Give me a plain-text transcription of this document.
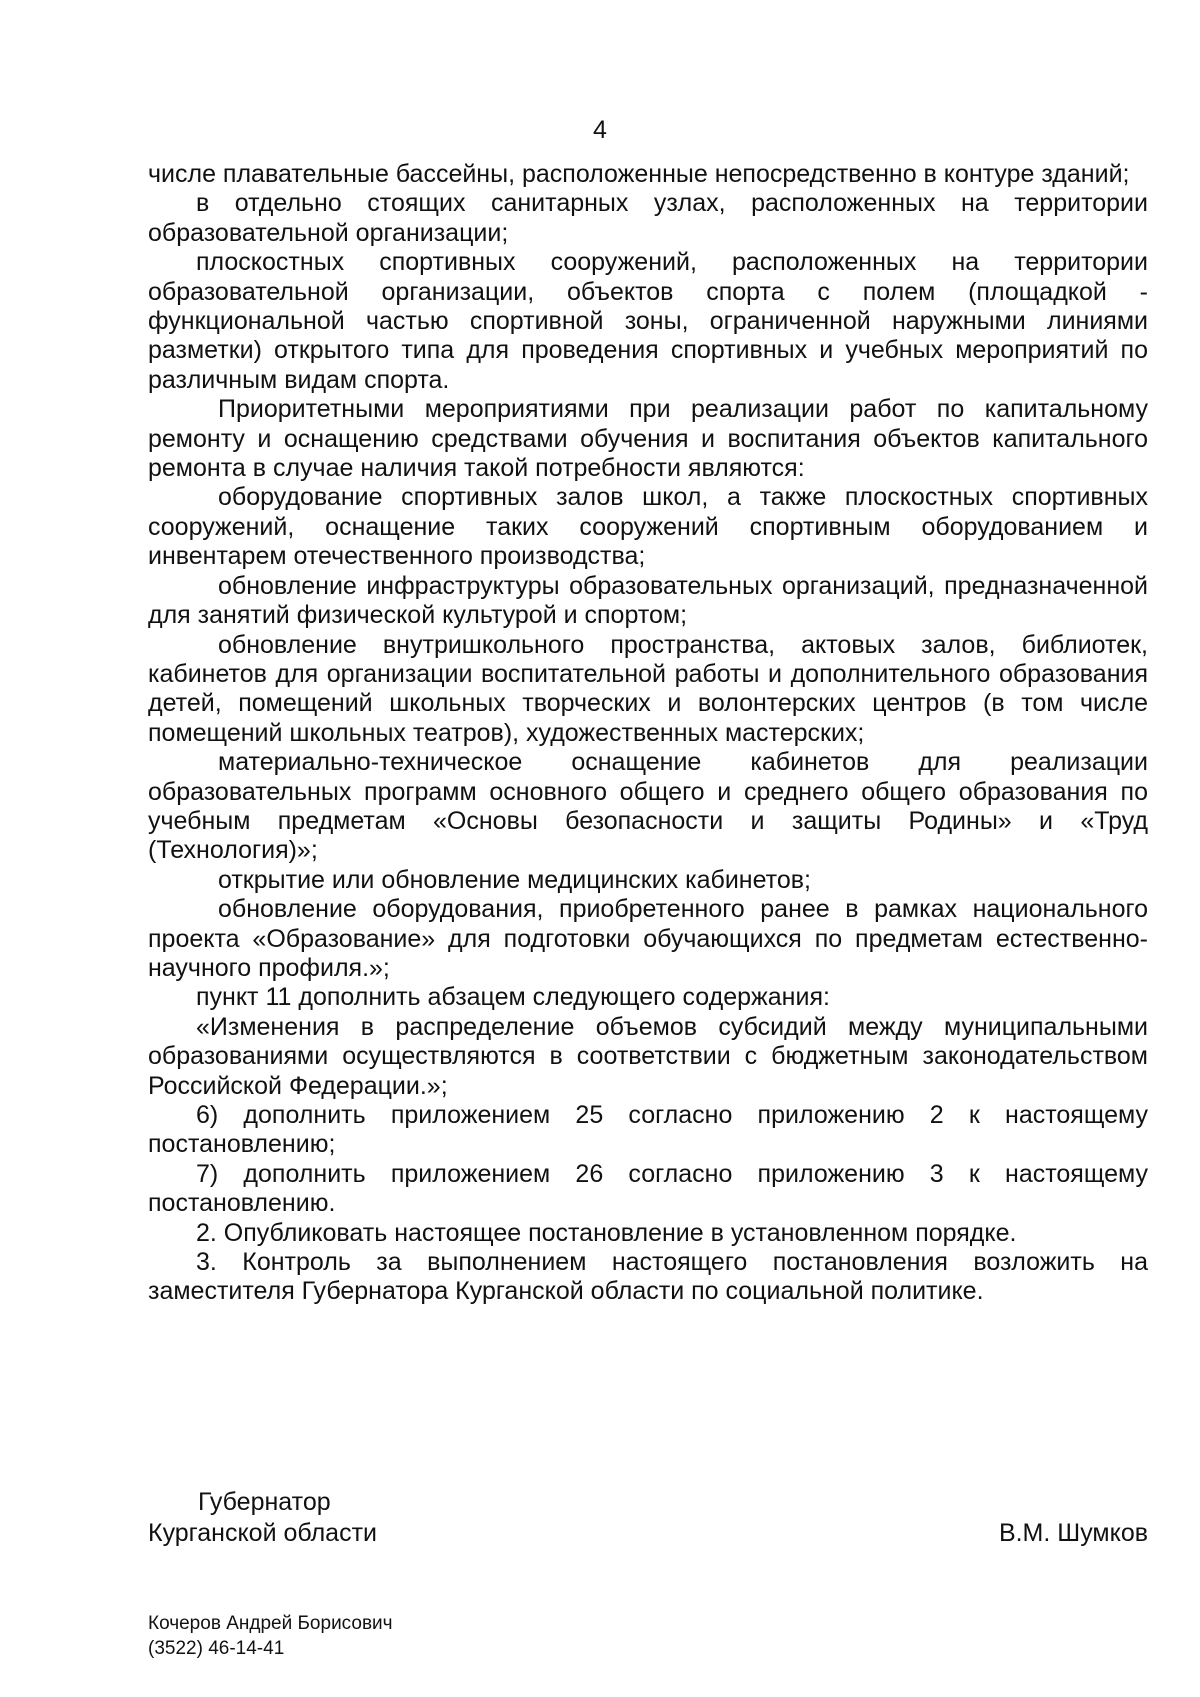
4

числе плавательные бассейны, расположенные непосредственно в контуре зданий;

в отдельно стоящих санитарных узлах, расположенных на территории образовательной организации;

плоскостных спортивных сооружений, расположенных на территории образовательной организации, объектов спорта с полем (площадкой - функциональной частью спортивной зоны, ограниченной наружными линиями разметки) открытого типа для проведения спортивных и учебных мероприятий по различным видам спорта.

Приоритетными мероприятиями при реализации работ по капитальному ремонту и оснащению средствами обучения и воспитания объектов капитального ремонта в случае наличия такой потребности являются:

оборудование спортивных залов школ, а также плоскостных спортивных сооружений, оснащение таких сооружений спортивным оборудованием и инвентарем отечественного производства;

обновление инфраструктуры образовательных организаций, предназначенной для занятий физической культурой и спортом;

обновление внутришкольного пространства, актовых залов, библиотек, кабинетов для организации воспитательной работы и дополнительного образования детей, помещений школьных творческих и волонтерских центров (в том числе помещений школьных театров), художественных мастерских;

материально-техническое оснащение кабинетов для реализации образовательных программ основного общего и среднего общего образования по учебным предметам «Основы безопасности и защиты Родины» и «Труд (Технология)»;

открытие или обновление медицинских кабинетов;

обновление оборудования, приобретенного ранее в рамках национального проекта «Образование» для подготовки обучающихся по предметам естественно-научного профиля.»;

пункт 11 дополнить абзацем следующего содержания:

«Изменения в распределение объемов субсидий между муниципальными образованиями осуществляются в соответствии с бюджетным законодательством Российской Федерации.»;

6) дополнить приложением 25 согласно приложению 2 к настоящему постановлению;

7) дополнить приложением 26 согласно приложению 3 к настоящему постановлению.

2. Опубликовать настоящее постановление в установленном порядке.

3. Контроль за выполнением настоящего постановления возложить на заместителя Губернатора Курганской области по социальной политике.

Губернатор
Курганской области	В.М. Шумков
Кочеров Андрей Борисович
(3522) 46-14-41
